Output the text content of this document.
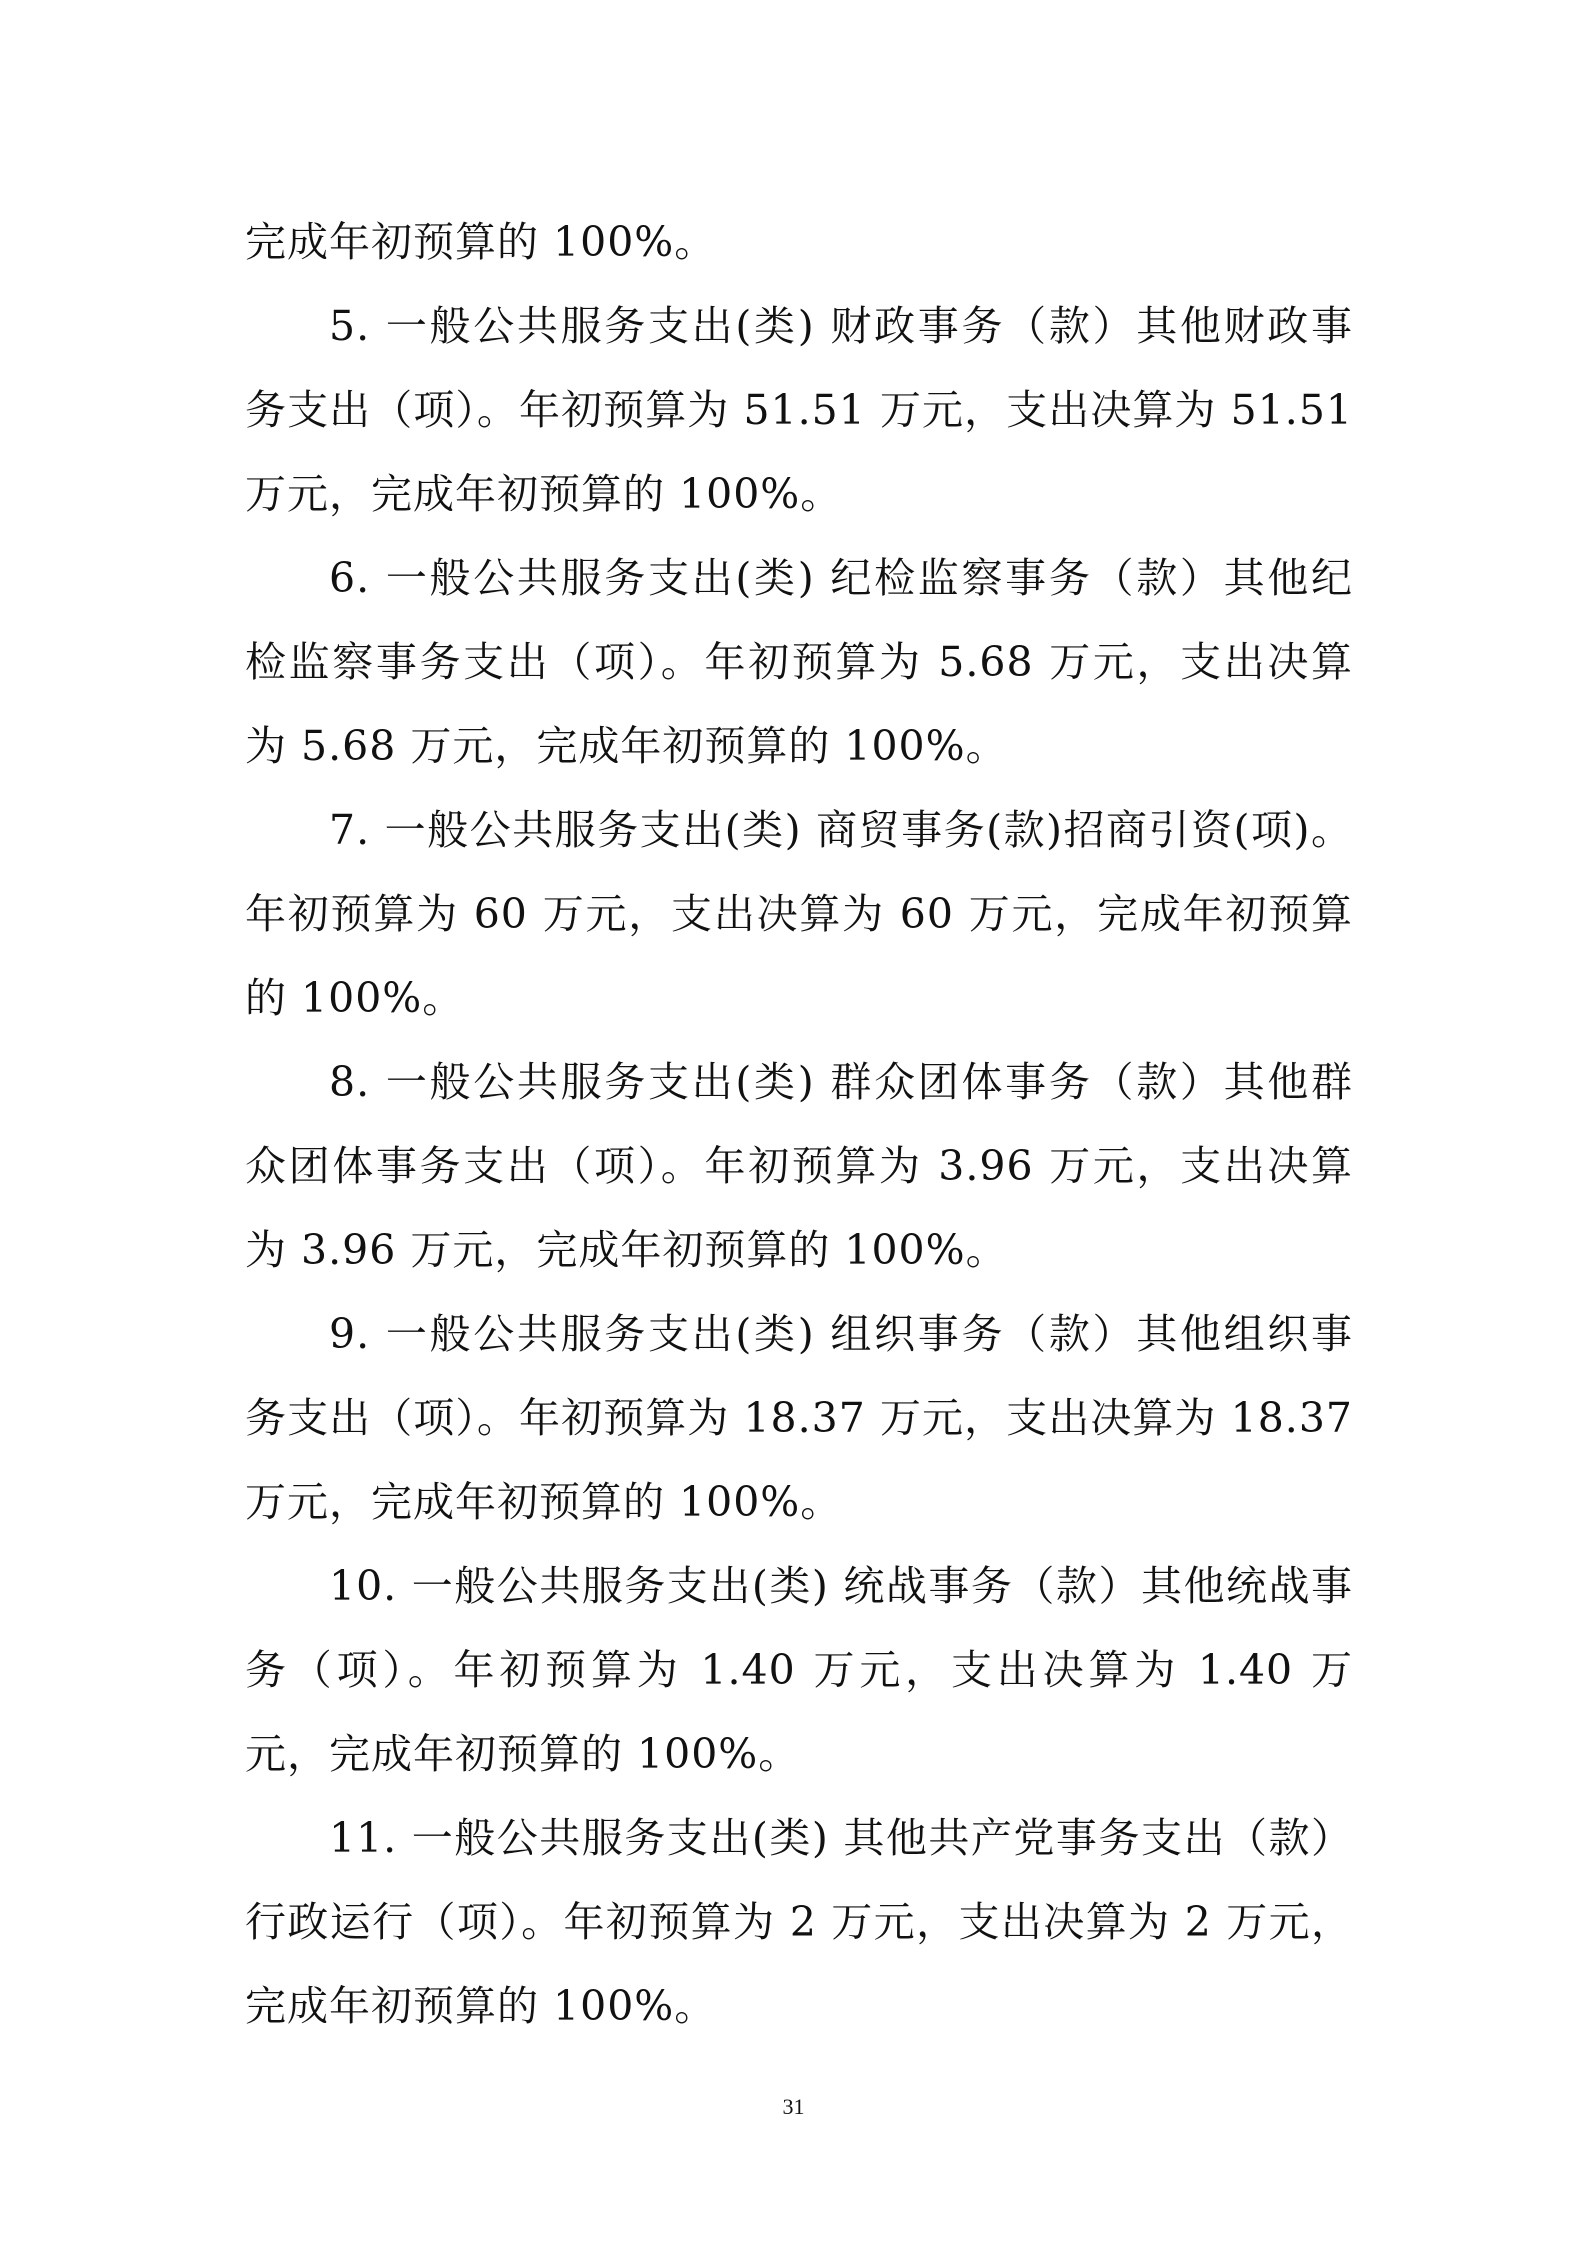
完成年初预算的 100%。

5. 一般公共服务支出(类) 财政事务（款）其他财政事务支出（项）。年初预算为 51.51 万元，支出决算为 51.51 万元，完成年初预算的 100%。

6. 一般公共服务支出(类) 纪检监察事务（款）其他纪检监察事务支出（项）。年初预算为 5.68 万元，支出决算为 5.68 万元，完成年初预算的 100%。

7. 一般公共服务支出(类) 商贸事务(款)招商引资(项)。年初预算为 60 万元，支出决算为 60 万元，完成年初预算的 100%。

8. 一般公共服务支出(类) 群众团体事务（款）其他群众团体事务支出（项）。年初预算为 3.96 万元，支出决算为 3.96 万元，完成年初预算的 100%。

9. 一般公共服务支出(类) 组织事务（款）其他组织事务支出（项）。年初预算为 18.37 万元，支出决算为 18.37 万元，完成年初预算的 100%。

10. 一般公共服务支出(类) 统战事务（款）其他统战事务（项）。年初预算为 1.40 万元，支出决算为 1.40 万元，完成年初预算的 100%。

11. 一般公共服务支出(类) 其他共产党事务支出（款）行政运行（项）。年初预算为 2 万元，支出决算为 2 万元，完成年初预算的 100%。

31
